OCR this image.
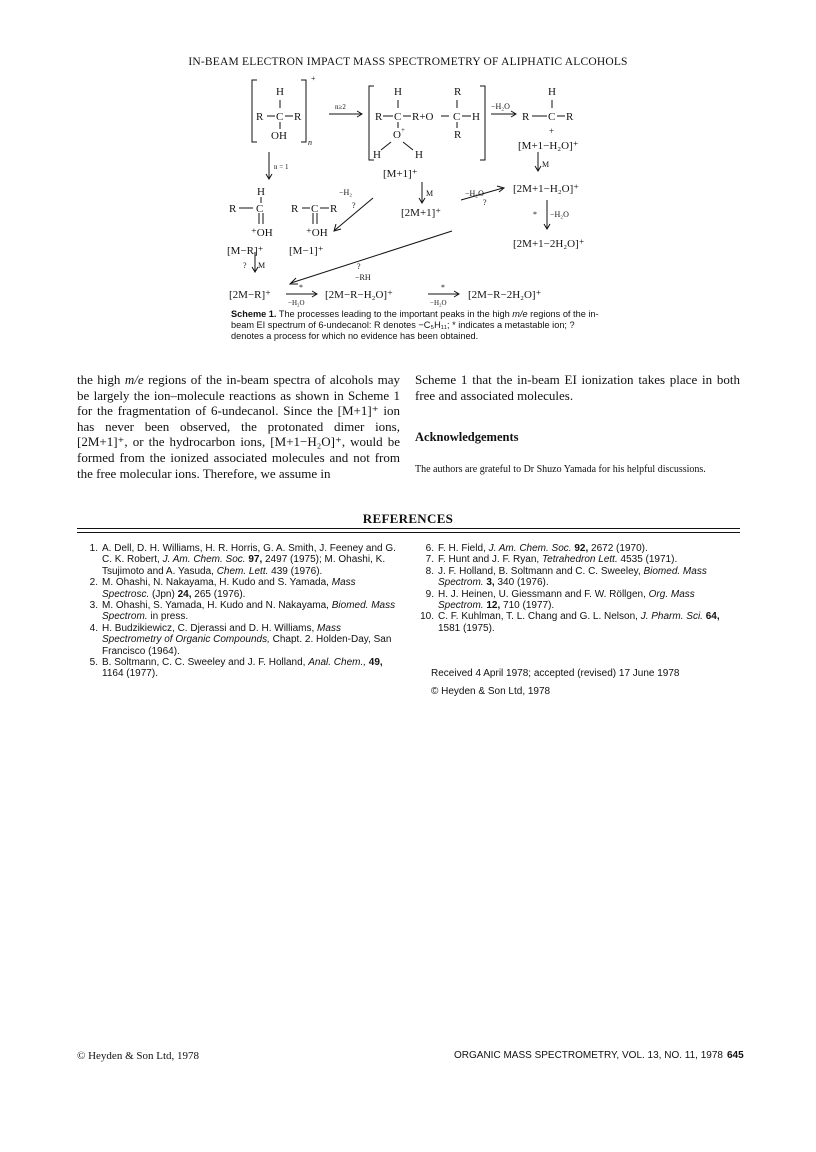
IN-BEAM ELECTRON IMPACT MASS SPECTROMETRY OF ALIPHATIC ALCOHOLS
H
R C R
OH
n
+
n≥2
H	R
R C R+O C H
O +	R
H	H
[M+1]⁺
−H₂O
H
R C R
+
[M+1−H₂O]⁺
M
[2M+1−H₂O]⁺
* −H₂O
[2M+1−2H₂O]⁺
n = 1
−H₂
?
M
[2M+1]⁺
−H₂O
?
H
R C
⁺OH
R C R
⁺OH
[M−R]⁺ [M−1]⁺
?
−RH
? M
[2M−R]⁺
*
−H₂O
[2M−R−H₂O]⁺
*
−H₂O
[2M−R−2H₂O]⁺
Scheme 1. The processes leading to the important peaks in the high m/e regions of the in-beam EI spectrum of 6-undecanol: R denotes −C₅H₁₁; * indicates a metastable ion; ? denotes a process for which no evidence has been obtained.
the high m/e regions of the in-beam spectra of alcohols may be largely the ion–molecule reactions as shown in Scheme 1 for the fragmentation of 6-undecanol. Since the [M+1]⁺ ion has never been observed, the protonated dimer ions, [2M+1]⁺, or the hydrocarbon ions, [M+1−H₂O]⁺, would be formed from the ionized associated molecules and not from the free molecular ions. Therefore, we assume in
Scheme 1 that the in-beam EI ionization takes place in both free and associated molecules.
Acknowledgements
The authors are grateful to Dr Shuzo Yamada for his helpful discussions.
REFERENCES
1. A. Dell, D. H. Williams, H. R. Horris, G. A. Smith, J. Feeney and G. C. K. Robert, J. Am. Chem. Soc. 97, 2497 (1975); M. Ohashi, K. Tsujimoto and A. Yasuda, Chem. Lett. 439 (1976).
2. M. Ohashi, N. Nakayama, H. Kudo and S. Yamada, Mass Spectrosc. (Jpn) 24, 265 (1976).
3. M. Ohashi, S. Yamada, H. Kudo and N. Nakayama, Biomed. Mass Spectrom. in press.
4. H. Budzikiewicz, C. Djerassi and D. H. Williams, Mass Spectrometry of Organic Compounds, Chapt. 2. Holden-Day, San Francisco (1964).
5. B. Soltmann, C. C. Sweeley and J. F. Holland, Anal. Chem., 49, 1164 (1977).
6. F. H. Field, J. Am. Chem. Soc. 92, 2672 (1970).
7. F. Hunt and J. F. Ryan, Tetrahedron Lett. 4535 (1971).
8. J. F. Holland, B. Soltmann and C. C. Sweeley, Biomed. Mass Spectrom. 3, 340 (1976).
9. H. J. Heinen, U. Giessmann and F. W. Röllgen, Org. Mass Spectrom. 12, 710 (1977).
10. C. F. Kuhlman, T. L. Chang and G. L. Nelson, J. Pharm. Sci. 64, 1581 (1975).
Received 4 April 1978; accepted (revised) 17 June 1978
© Heyden & Son Ltd, 1978
© Heyden & Son Ltd, 1978	ORGANIC MASS SPECTROMETRY, VOL. 13, NO. 11, 1978 645
